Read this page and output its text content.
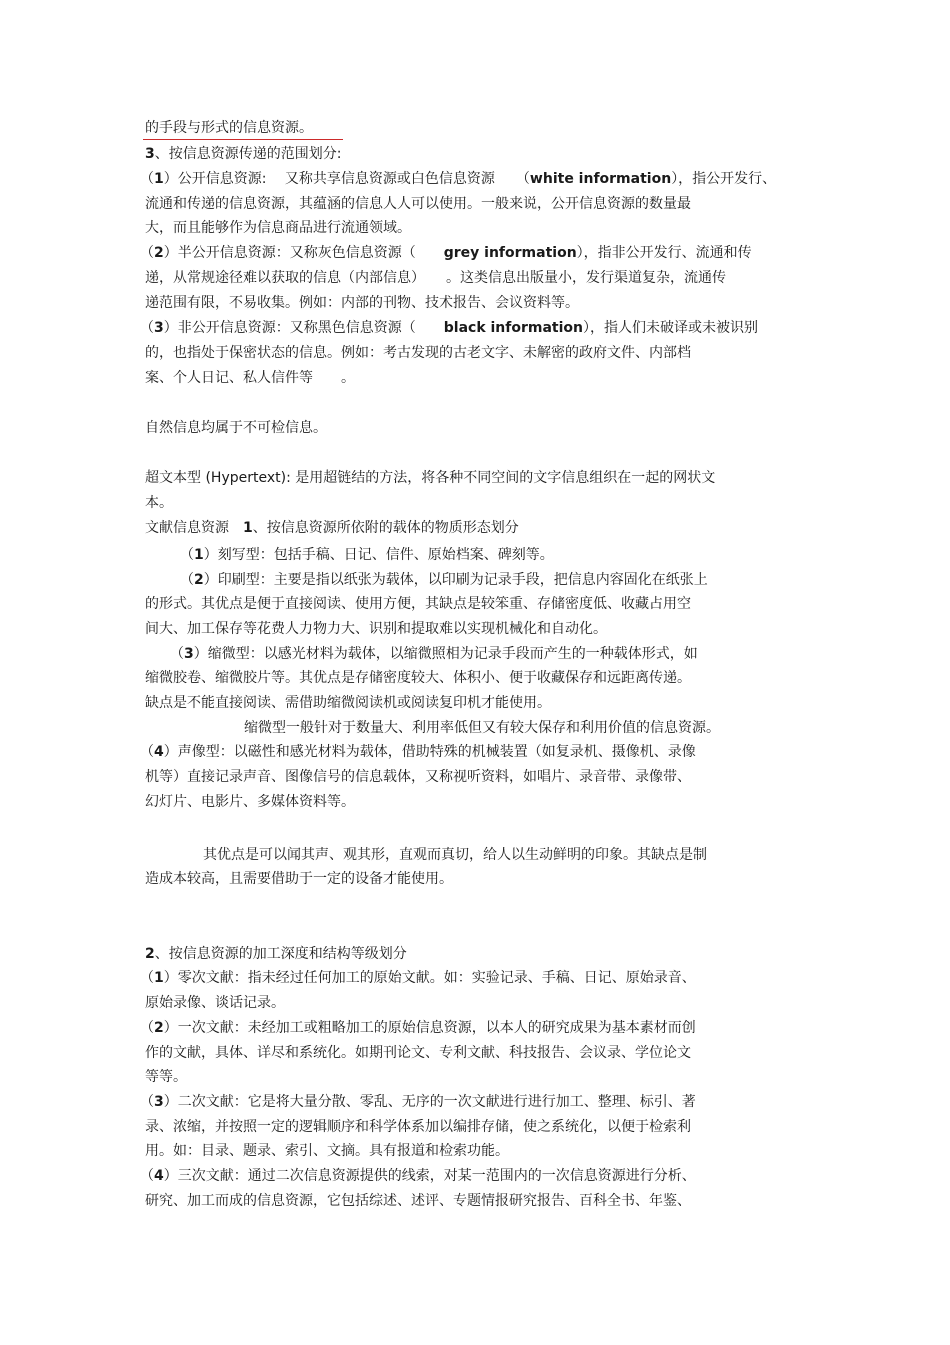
的手段与形式的信息资源。
3、按信息资源传递的范围划分:
（1）公开信息资源:　 又称共享信息资源或白色信息资源　　（white information），指公开发行、
流通和传递的信息资源，其蕴涵的信息人人可以使用。一般来说，公开信息资源的数量最
大，而且能够作为信息商品进行流通领域。
（2）半公开信息资源：又称灰色信息资源（　　grey information），指非公开发行、流通和传
递，从常规途径难以获取的信息（内部信息）　　。这类信息出版量小，发行渠道复杂，流通传
递范围有限，不易收集。例如：内部的刊物、技术报告、会议资料等。
（3）非公开信息资源：又称黑色信息资源（　　black information），指人们未破译或未被识别
的，也指处于保密状态的信息。例如：考古发现的古老文字、未解密的政府文件、内部档
案、个人日记、私人信件等　　。
自然信息均属于不可检信息。
超文本型 (Hypertext): 是用超链结的方法，将各种不同空间的文字信息组织在一起的网状文
本。
文献信息资源　1、按信息资源所依附的载体的物质形态划分
（1）刻写型：包括手稿、日记、信件、原始档案、碑刻等。
（2）印刷型：主要是指以纸张为载体，以印刷为记录手段，把信息内容固化在纸张上
的形式。其优点是便于直接阅读、使用方便，其缺点是较笨重、存储密度低、收藏占用空
间大、加工保存等花费人力物力大、识别和提取难以实现机械化和自动化。
（3）缩微型：以感光材料为载体，以缩微照相为记录手段而产生的一种载体形式，如
缩微胶卷、缩微胶片等。其优点是存储密度较大、体积小、便于收藏保存和远距离传递。
缺点是不能直接阅读、需借助缩微阅读机或阅读复印机才能使用。
缩微型一般针对于数量大、利用率低但又有较大保存和利用价值的信息资源。
（4）声像型：以磁性和感光材料为载体，借助特殊的机械装置（如复录机、摄像机、录像
机等）直接记录声音、图像信号的信息载体，又称视听资料，如唱片、录音带、录像带、
幻灯片、电影片、多媒体资料等。
其优点是可以闻其声、观其形，直观而真切，给人以生动鲜明的印象。其缺点是制
造成本较高，且需要借助于一定的设备才能使用。
2、按信息资源的加工深度和结构等级划分
（1）零次文献：指未经过任何加工的原始文献。如：实验记录、手稿、日记、原始录音、
原始录像、谈话记录。
（2）一次文献：未经加工或粗略加工的原始信息资源，以本人的研究成果为基本素材而创
作的文献，具体、详尽和系统化。如期刊论文、专利文献、科技报告、会议录、学位论文
等等。
（3）二次文献：它是将大量分散、零乱、无序的一次文献进行进行加工、整理、标引、著
录、浓缩，并按照一定的逻辑顺序和科学体系加以编排存储，使之系统化，以便于检索利
用。如：目录、题录、索引、文摘。具有报道和检索功能。
（4）三次文献：通过二次信息资源提供的线索，对某一范围内的一次信息资源进行分析、
研究、加工而成的信息资源，它包括综述、述评、专题情报研究报告、百科全书、年鉴、
